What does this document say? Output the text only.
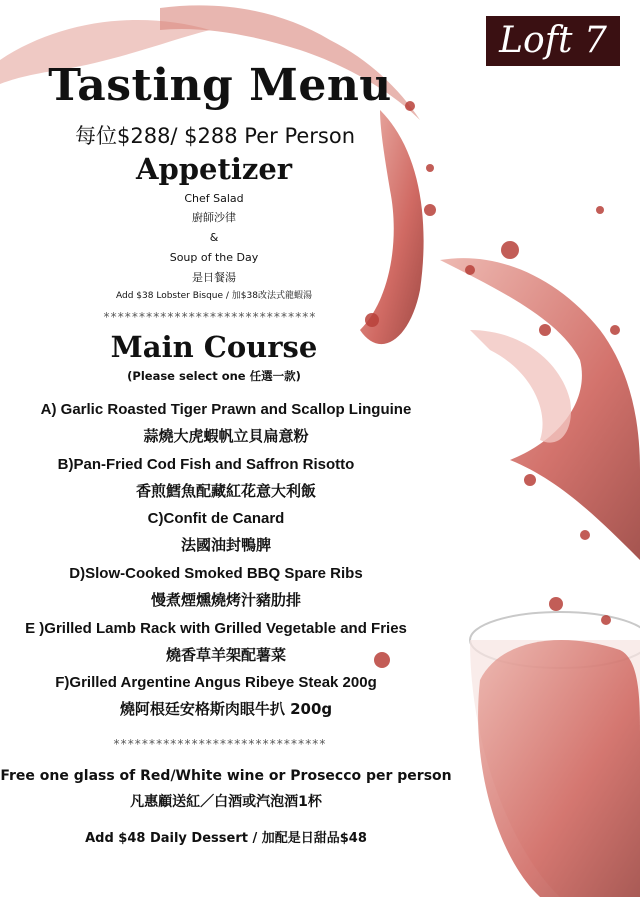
Loft 7
Tasting Menu
每位$288/ $288 Per Person
Appetizer
Chef Salad
廚師沙律
&
Soup of the Day
是日餐湯
Add $38 Lobster Bisque / 加$38改法式龍蝦湯
******************************
Main Course
(Please select one 任選一款)
A) Garlic Roasted Tiger Prawn and Scallop Linguine
蒜燒大虎蝦帆立貝扁意粉
B)Pan-Fried Cod Fish and Saffron Risotto
香煎鱈魚配藏紅花意大利飯
C)Confit de Canard
法國油封鴨脾
D)Slow-Cooked Smoked BBQ Spare Ribs
慢煮煙燻燒烤汁豬肋排
E )Grilled Lamb Rack with Grilled Vegetable and Fries
燒香草羊架配薯菜
F)Grilled Argentine Angus Ribeye Steak 200g
燒阿根廷安格斯肉眼牛扒 200g
******************************
Free one glass of Red/White wine or Prosecco per person
凡惠顧送紅／白酒或汽泡酒1杯
Add $48 Daily Dessert / 加配是日甜品$48
